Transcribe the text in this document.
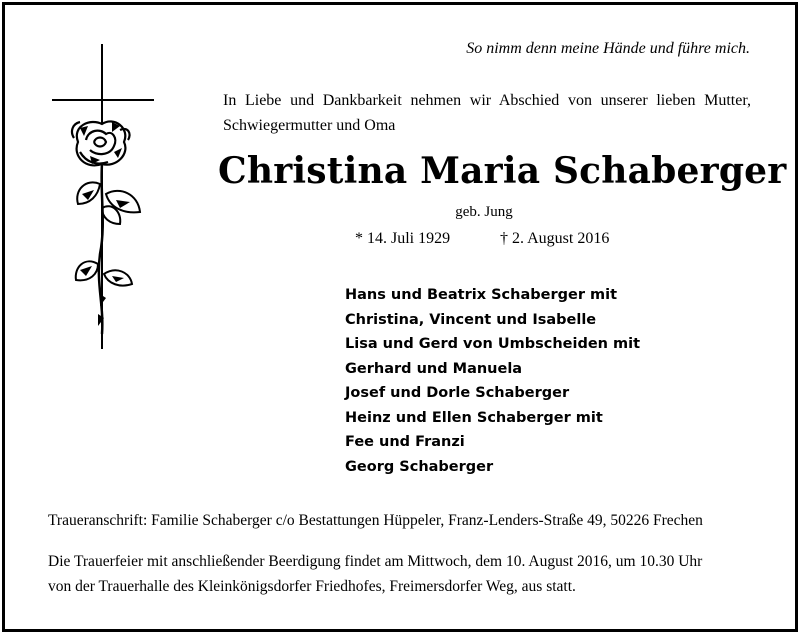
So nimm denn meine Hände und führe mich.
In Liebe und Dankbarkeit nehmen wir Abschied von unserer lieben Mutter,
Schwiegermutter und Oma
Christina Maria Schaberger
geb. Jung
* 14. Juli 1929	† 2. August 2016
Hans und Beatrix Schaberger mit
Christina, Vincent und Isabelle
Lisa und Gerd von Umbscheiden mit
Gerhard und Manuela
Josef und Dorle Schaberger
Heinz und Ellen Schaberger mit
Fee und Franzi
Georg Schaberger
Traueranschrift: Familie Schaberger c/o Bestattungen Hüppeler, Franz-Lenders-Straße 49, 50226 Frechen
Die Trauerfeier mit anschließender Beerdigung findet am Mittwoch, dem 10. August 2016, um 10.30 Uhr
von der Trauerhalle des Kleinkönigsdorfer Friedhofes, Freimersdorfer Weg, aus statt.
